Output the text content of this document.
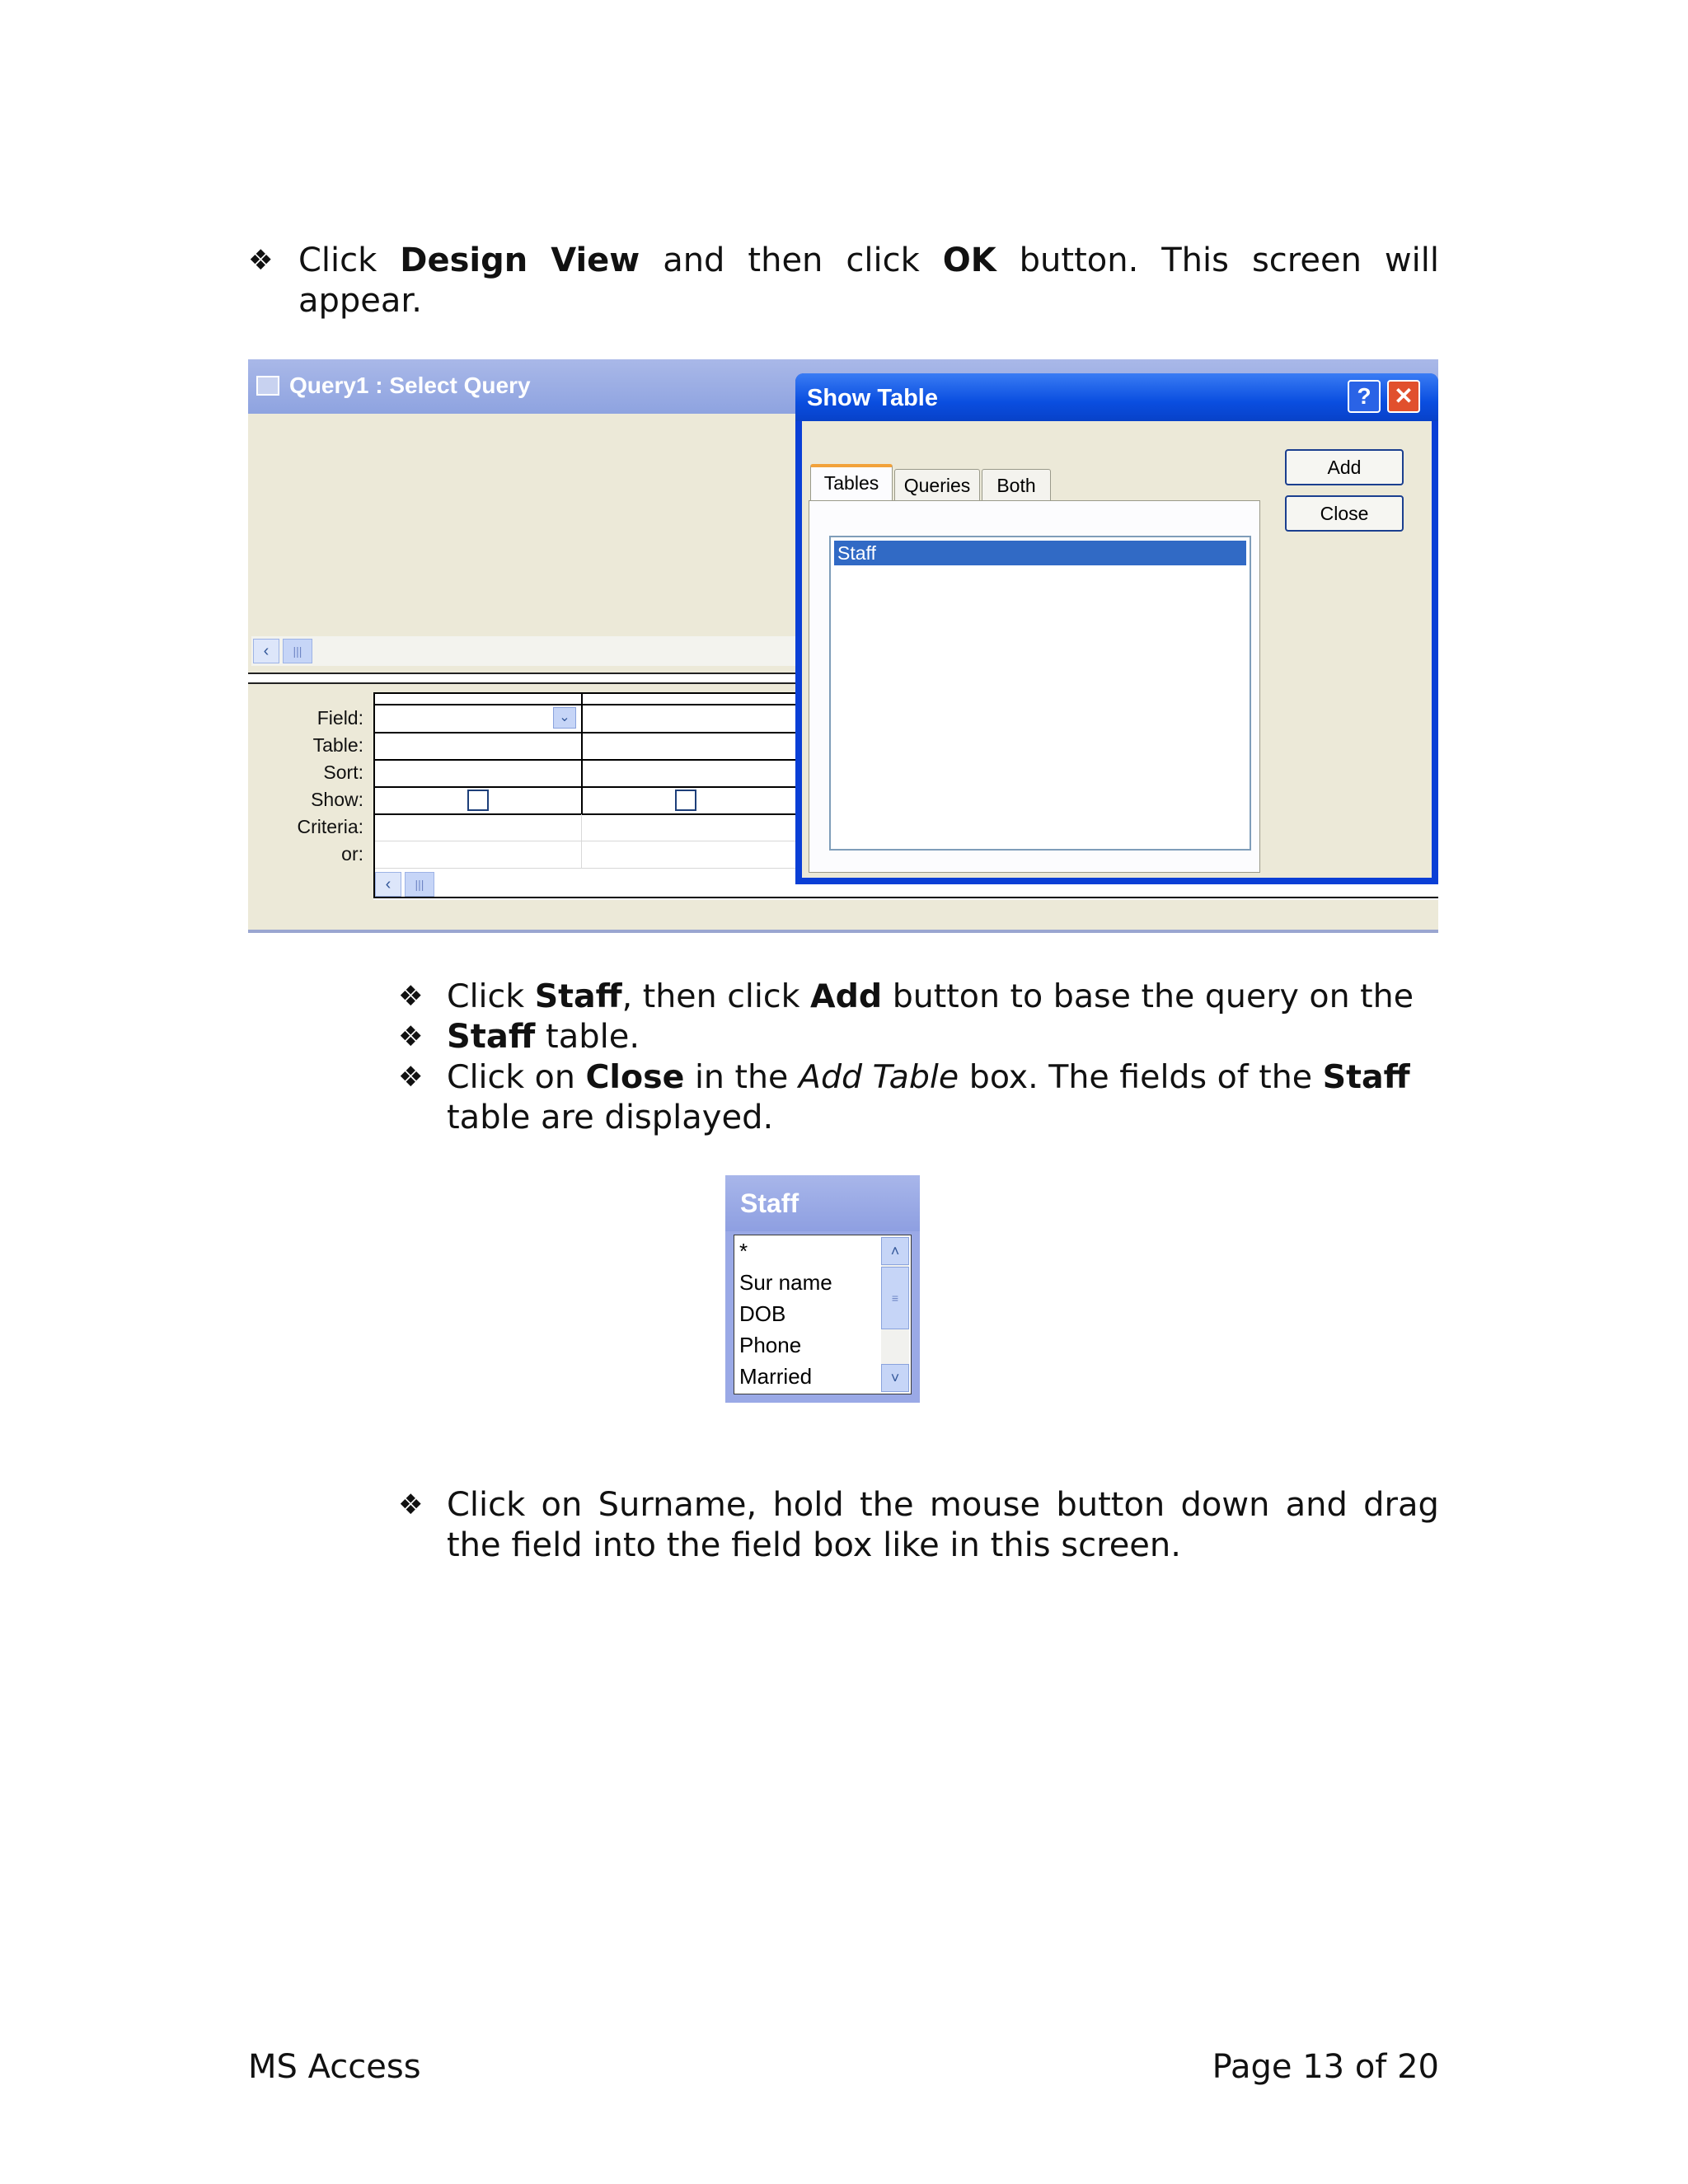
❖ Click Design View and then click OK button. This screen will
appear.
Query1 : Select Query
‹	|||
Field:
Table:
Sort:
Show:
Criteria:
or:
⌄
‹	|||
Show Table	? ✕
Tables	Queries	Both
Staff
Add
Close
❖ Click Staff, then click Add button to base the query on the
❖ Staff table.
❖ Click on Close in the Add Table box. The fields of the Staff
table are displayed.
Staff
*
Sur name
DOB
Phone
Married
˄
≡
˅
❖ Click on Surname, hold the mouse button down and drag
the field into the field box like in this screen.
MS Access	Page 13 of 20
